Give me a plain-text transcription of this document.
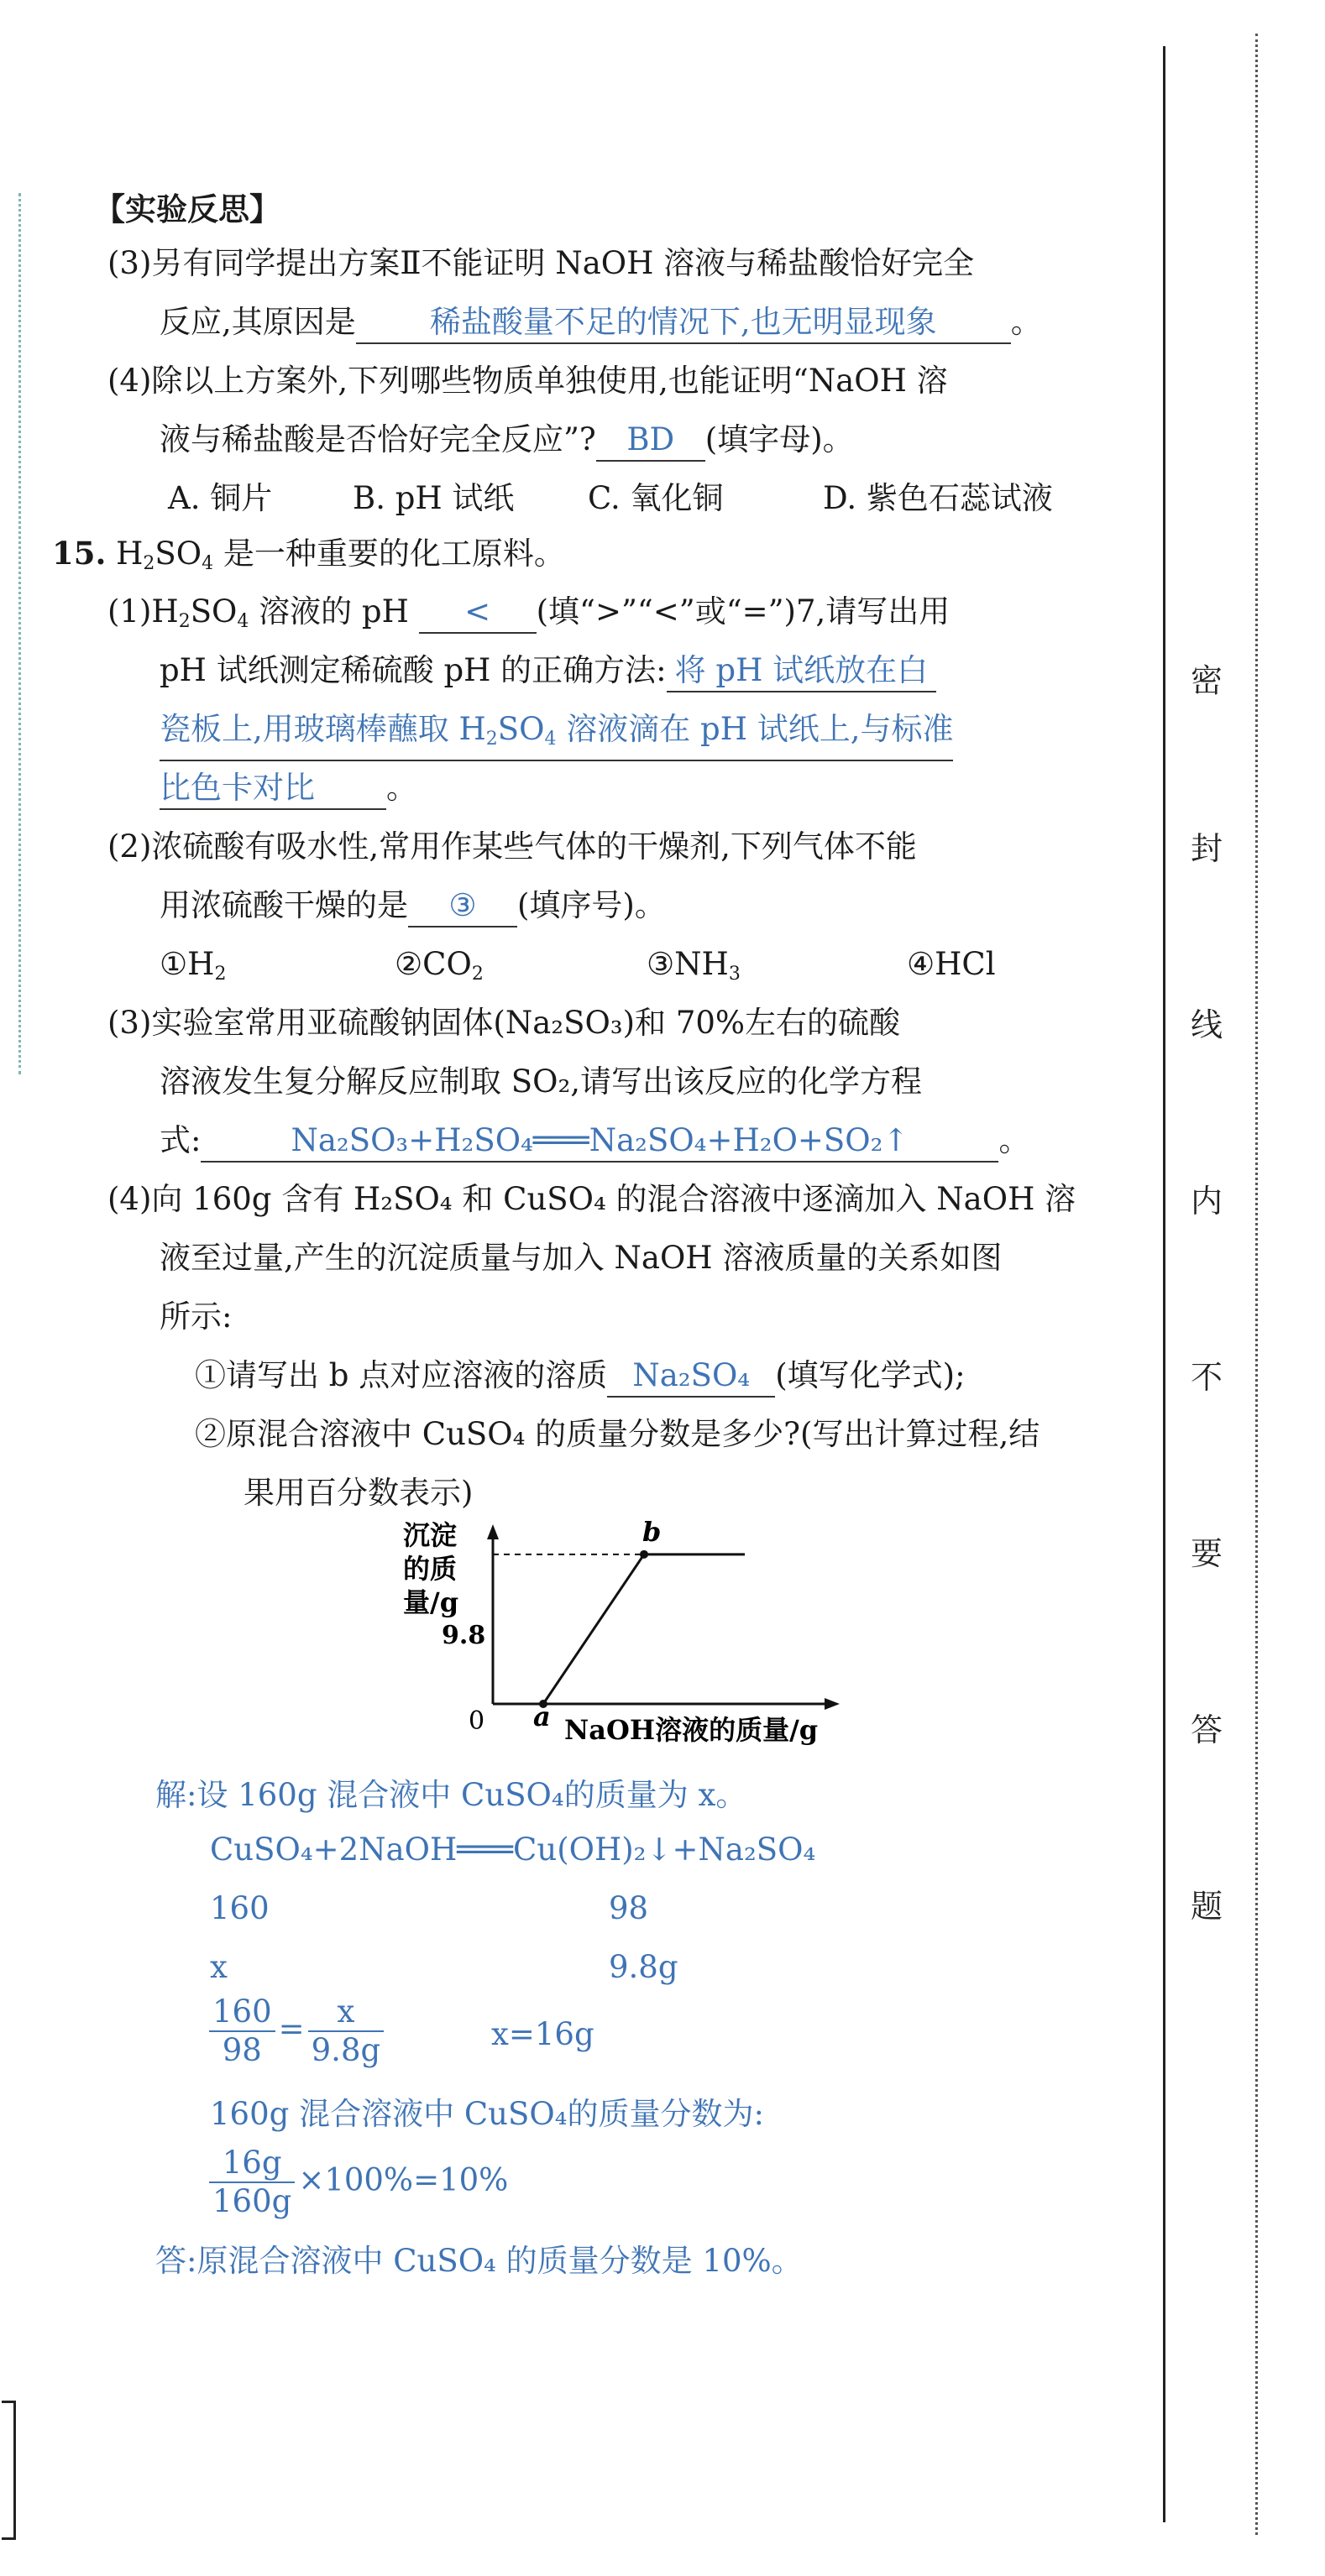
密
封
线
内
不
要
答
题
【实验反思】
(3)另有同学提出方案Ⅱ不能证明 NaOH 溶液与稀盐酸恰好完全
反应,其原因是 稀盐酸量不足的情况下,也无明显现象 。
(4)除以上方案外,下列哪些物质单独使用,也能证明“NaOH 溶
液与稀盐酸是否恰好完全反应”? BD (填字母)。
A. 铜片	B. pH 试纸 C. 氧化铜	D. 紫色石蕊试液
15. $H_2SO_4$ 是一种重要的化工原料。
$(1)H_2SO_4$ 溶液的 pH < (填“>”“<”或“=”)7,请写出用
pH 试纸测定稀硫酸 pH 的正确方法: 将 pH 试纸放在白
瓷板上,用玻璃棒蘸取 $H_2SO_4$ 溶液滴在 pH 试纸上,与标准
比色卡对比 。
(2)浓硫酸有吸水性,常用作某些气体的干燥剂,下列气体不能
用浓硫酸干燥的是 ③ (填序号)。
$①H_2$	$②CO_2$	$③NH_3$	④HCl
(3)实验室常用亚硫酸钠固体(Na₂SO₃)和 70%左右的硫酸
溶液发生复分解反应制取 SO₂,请写出该反应的化学方程
式:	Na₂SO₃+H₂SO₄═══Na₂SO₄+H₂O+SO₂↑	。
(4)向 160g 含有 H₂SO₄ 和 CuSO₄ 的混合溶液中逐滴加入 NaOH 溶
液至过量,产生的沉淀质量与加入 NaOH 溶液质量的关系如图
所示:
①请写出 b 点对应溶液的溶质 Na₂SO₄ (填写化学式);
②原混合溶液中 CuSO₄ 的质量分数是多少?(写出计算过程,结
果用百分数表示)
沉淀
的质
量/g
0
9.8
a
b
NaOH溶液的质量/g
解:设 160g 混合液中 CuSO₄的质量为 x。
CuSO₄+2NaOH═══Cu(OH)₂↓+Na₂SO₄
160	98
x	9.8g
$\frac{160}{98} = \frac{x}{9.8g}$	x=16g
160g 混合溶液中 CuSO₄的质量分数为:
$\frac{16g}{160g} \times 100\%=10\%$
答:原混合溶液中 CuSO₄ 的质量分数是 10%。
